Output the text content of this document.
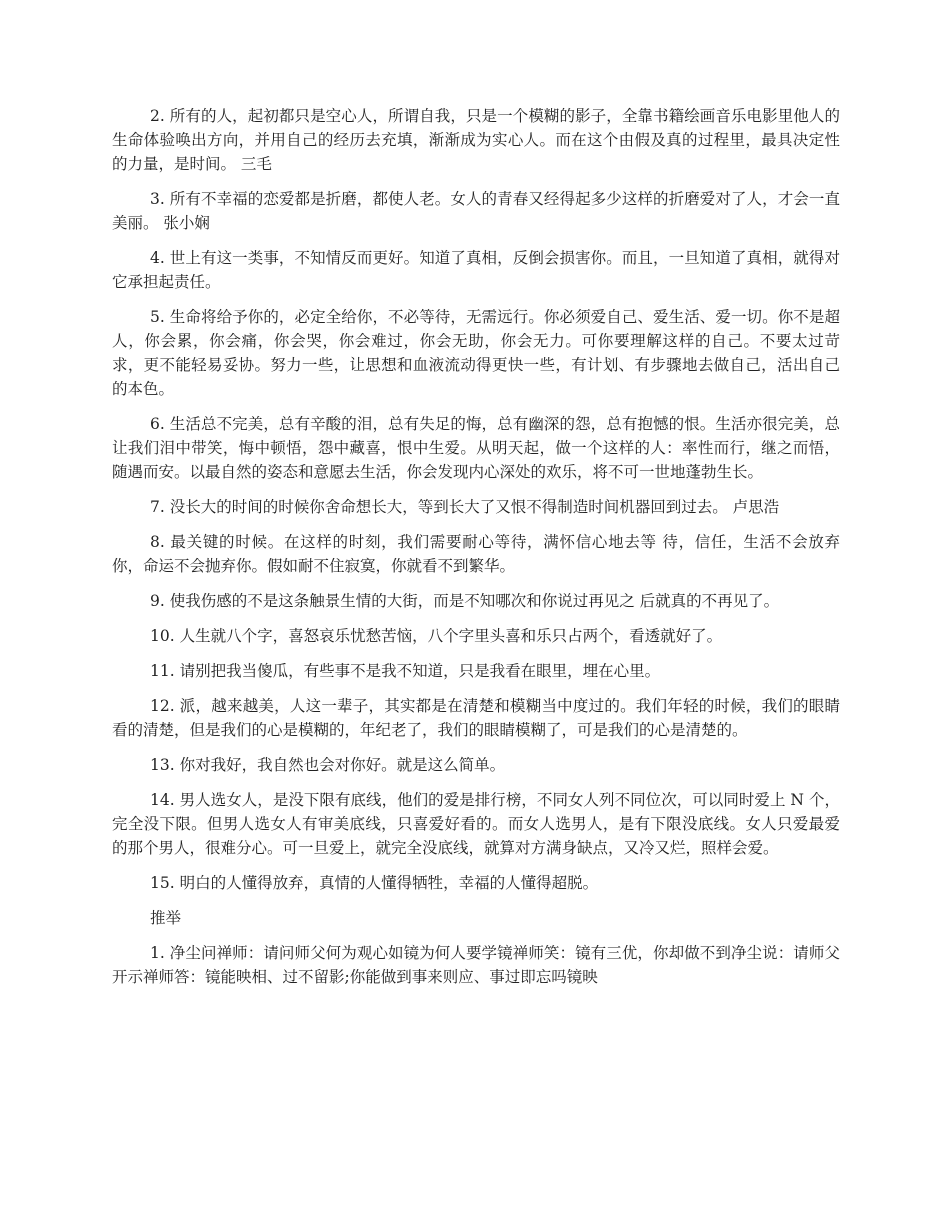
2. 所有的人，起初都只是空心人，所谓自我，只是一个模糊的影子，全靠书籍绘画音乐电影里他人的生命体验唤出方向，并用自己的经历去充填，渐渐成为实心人。而在这个由假及真的过程里，最具决定性的力量，是时间。 三毛

3. 所有不幸福的恋爱都是折磨，都使人老。女人的青春又经得起多少这样的折磨爱对了人，才会一直美丽。 张小娴

4. 世上有这一类事，不知情反而更好。知道了真相，反倒会损害你。而且，一旦知道了真相，就得对它承担起责任。

5. 生命将给予你的，必定全给你，不必等待，无需远行。你必须爱自己、爱生活、爱一切。你不是超人，你会累，你会痛，你会哭，你会难过，你会无助，你会无力。可你要理解这样的自己。不要太过苛求，更不能轻易妥协。努力一些，让思想和血液流动得更快一些，有计划、有步骤地去做自己，活出自己的本色。

6. 生活总不完美，总有辛酸的泪，总有失足的悔，总有幽深的怨，总有抱憾的恨。生活亦很完美，总让我们泪中带笑，悔中顿悟，怨中藏喜，恨中生爱。从明天起，做一个这样的人：率性而行，继之而悟，随遇而安。以最自然的姿态和意愿去生活，你会发现内心深处的欢乐，将不可一世地蓬勃生长。

7. 没长大的时间的时候你舍命想长大，等到长大了又恨不得制造时间机器回到过去。 卢思浩

8. 最关键的时候。在这样的时刻，我们需要耐心等待，满怀信心地去等 待，信任，生活不会放弃你，命运不会抛弃你。假如耐不住寂寞，你就看不到繁华。

9. 使我伤感的不是这条触景生情的大街，而是不知哪次和你说过再见之 后就真的不再见了。

10. 人生就八个字，喜怒哀乐忧愁苦恼，八个字里头喜和乐只占两个，看透就好了。

11. 请别把我当傻瓜，有些事不是我不知道，只是我看在眼里，埋在心里。

12. 派，越来越美，人这一辈子，其实都是在清楚和模糊当中度过的。我们年轻的时候，我们的眼睛看的清楚，但是我们的心是模糊的，年纪老了，我们的眼睛模糊了，可是我们的心是清楚的。

13. 你对我好，我自然也会对你好。就是这么简单。

14. 男人选女人，是没下限有底线，他们的爱是排行榜，不同女人列不同位次，可以同时爱上 N 个，完全没下限。但男人选女人有审美底线，只喜爱好看的。而女人选男人，是有下限没底线。女人只爱最爱的那个男人，很难分心。可一旦爱上，就完全没底线，就算对方满身缺点，又冷又烂，照样会爱。

15. 明白的人懂得放弃，真情的人懂得牺牲，幸福的人懂得超脱。

推举

1. 净尘问禅师：请问师父何为观心如镜为何人要学镜禅师笑：镜有三优，你却做不到净尘说：请师父开示禅师答：镜能映相、过不留影;你能做到事来则应、事过即忘吗镜映
